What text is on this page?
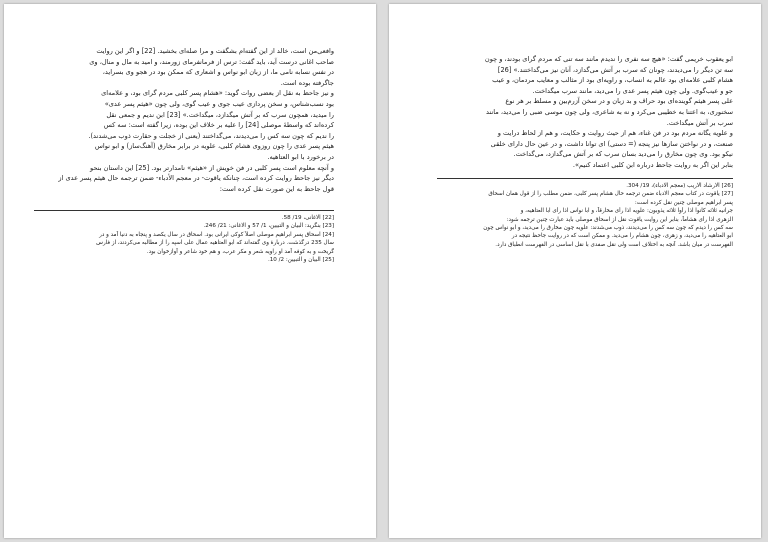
وافعی‌من است، خالد از این گفته‌ام بشگفت و مرا صله‌ای بخشید. [22] و اگر این روایت
صاحب اغانی درست آید، باید گفت: ترس از فرمانفرمای زورمند، و امید به مال و منال، وی
در نفس نسابه نامی ما، از زبان ابو نواس و اشعاری که ممکن بود در هجو وی بسراید،
جاگرفته بوده است.
و نیز جاحظ به نقل از بعضی روات گوید: «هشام پسر کلبی مردم گرای بود، و علامه‌ای
بود نسب‌شناس، و سخن پردازی عیب جوی و عیب گوی، ولی چون «هیثم پسر عدی»
را میدید، همچون سرب که بر آتش میگدازد، میگداخت.» [23] ابن ندیم و جمعی نقل
کرده‌اند که واسطهٔ موصلی [24] را علیه بر خلاف این بوده، زیرا گفته است: سه کس
را ندیم که چون سه کس را می‌دیدند، می‌گداختند (یعنی از خجلت و حقارت ذوب می‌شدند).
هیثم پسر عدی را چون روزوی هشام کلبی، علویه در برابر مخارق (آهنگ‌ساز) و ابو نواس
در برخورد با ابو العتاهیه.
و آنچه معلوم است پسر کلبی در فن خویش از «هیثم» نامدارتر بود. [25] این داستان بنحو
دیگر نیز جاحظ روایت کرده است، چنانکه یاقوت- در معجم الأدباء- ضمن ترجمه حال هیثم پسر عدی از
قول جاحظ به این صورت نقل کرده است:
[22] الاغانی، 19/ 58.
[23] بنگرید: البیان و التبیین، 1/ 57 و الاغانی: 21/ 246.
[24] اسحاق پسر ابراهیم موصلی اصلاً کوکی ایرانی بود. اسحاق در سال یکصد و پنجاه به دنیا آمد و در
سال 235 درگذشت. دربارهٔ وی گفته‌اند که ابو العتاهیه عمال علی اسپه را از مطالبه می‌کردند، از فارس
گریخت و به کوفه آمد او راویه شعر و مکر عرب، و هم خود شاعر و آوازخوان بود.
[25] البیان و التبیین: 2/ 10.
ابو یعقوب خریمی گفت: «هیچ سه نفری را ندیدم مانند سه تنی که مردم گرای بودند، و چون
سه تن دیگر را می‌دیدند، چونان که سرب بر آتش می‌گدازد، آنان نیز می‌گداختند.» [26]
هشام کلبی علامه‌ای بود عالم به انساب، و راویه‌ای بود از مثالب و معایب مردمان، و عیب
جو و عیب‌گوی. ولی چون هیثم پسر عدی را می‌دید، مانند سرب میگداخت.
علی پسر هیثم گوینده‌ای بود حراف و بد زبان و در سخن آزرم‌بین و مسلط بر هر نوع
سخنوری، به اعتنا به خطیبی می‌کرد و نه به شاعری، ولی چون موسی ضبی را می‌دید، مانند
سرب بر آتش میگداخت.
و علویه یگانه مردم بود در فن غناء، هم از حیث روایت و حکایت، و هم از لحاظ درایت و
صنعت، و در نواختن سازها نیز پنجه (= دستی) ای توانا داشت، و در عین حال دارای خلقی
نیکو بود. وی چون مخارق را می‌دید بسان سرب که بر آتش می‌گدازد، می‌گداخت.
بنابر این اگر به روایت جاحظ درباره ابن کلبی اعتماد کنیم».
[26] الارشاد الاریب (معجم الادباء)، 19/ 304.
[27] یاقوت در کتاب معجم الادباء ضمن ترجمه حال هشام پسر کلبی، ضمن مطلب را از قول همان اسحاق
پسر ابراهیم موصلی چنین نقل کرده است:
جرانیه ثلاثه کانوا اذا رأوا ثلاثه یذوبون: علویه اذا رأی مخارقاً، و ابا نواس اذا رأی ابا العتاهیه، و
الزهری اذا رأی هشاماً، بنابر این روایت یاقوت نقل از اسحاق موصلی باید عبارت چنین ترجمه شود:
سه کس را دیدم که چون سه کس را می‌دیدند، ذوب می‌شدند: علویه چون مخارق را می‌دید، و ابو نواس چون
ابو العتاهیه را می‌دید، و زهری، چون هشام را می‌دید. و ممکن است که در روایت جاحظ نتیجه در
الفهرست در میان باشد. آنچه به اختلاف است ولی نقل صفدی با نقل اساسی در الفهرست انطباق دارد.
